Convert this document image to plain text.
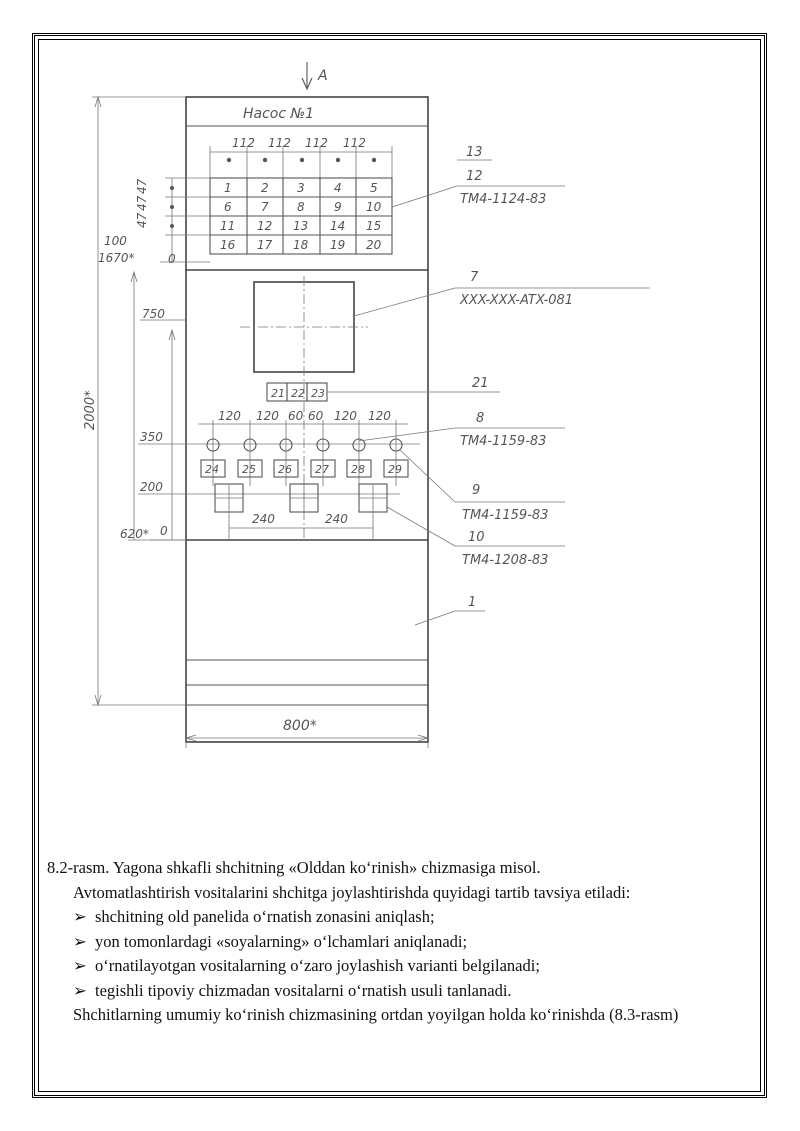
A
Hacoc №1
112 112 112 112
1 2 3 4 5
6 7 8 9 10
11 12 13 14 15
16 17 18 19 20
47
47
47
100
1670*	0
2000*
620*
750
350
200
0
21 22 23
120 120 60 60 120 120
24 25 26 27 28 29
240	240
800*
13
12
TM4-1124-83
7
XXX-XXX-ATX-081
21
8
TM4-1159-83
9
TM4-1159-83
10
TM4-1208-83
1

8.2-rasm. Yagona shkafli shchitning «Olddan ko‘rinish» chizmasiga misol.

Avtomatlashtirish vositalarini shchitga joylashtirishda quyidagi tartib tavsiya etiladi:

➢ shchitning old panelida o‘rnatish zonasini aniqlash;
➢ yon tomonlardagi «soyalarning» o‘lchamlari aniqlanadi;
➢ o‘rnatilayotgan vositalarning o‘zaro joylashish varianti belgilanadi;
➢ tegishli tipoviy chizmadan vositalarni o‘rnatish usuli tanlanadi.

Shchitlarning umumiy ko‘rinish chizmasining ortdan yoyilgan holda ko‘rinishda (8.3-rasm)
